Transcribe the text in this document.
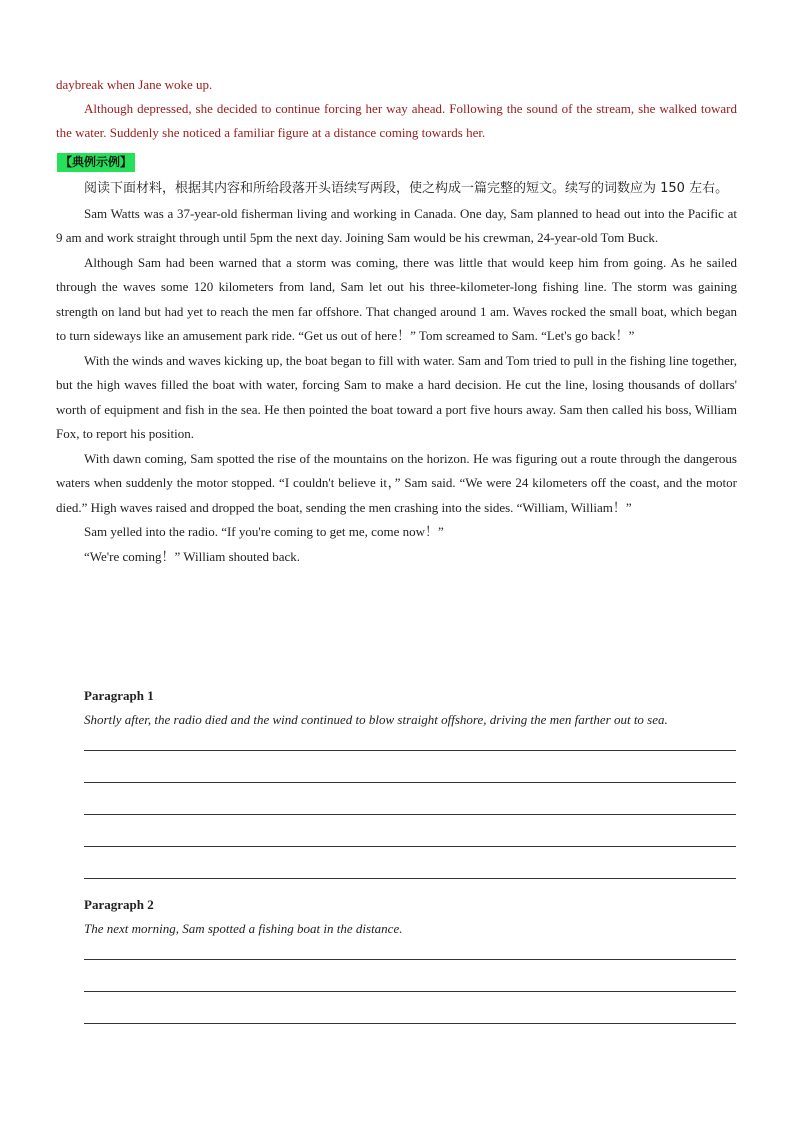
daybreak when Jane woke up.

Although depressed, she decided to continue forcing her way ahead. Following the sound of the stream, she walked toward the water. Suddenly she noticed a familiar figure at a distance coming towards her.

【典例示例】

阅读下面材料，根据其内容和所给段落开头语续写两段，使之构成一篇完整的短文。续写的词数应为 150 左右。

Sam Watts was a 37-year-old fisherman living and working in Canada. One day, Sam planned to head out into the Pacific at 9 am and work straight through until 5pm the next day. Joining Sam would be his crewman, 24-year-old Tom Buck.

Although Sam had been warned that a storm was coming, there was little that would keep him from going. As he sailed through the waves some 120 kilometers from land, Sam let out his three-kilometer-long fishing line. The storm was gaining strength on land but had yet to reach the men far offshore. That changed around 1 am. Waves rocked the small boat, which began to turn sideways like an amusement park ride. “Get us out of here！” Tom screamed to Sam. “Let's go back！”

With the winds and waves kicking up, the boat began to fill with water. Sam and Tom tried to pull in the fishing line together, but the high waves filled the boat with water, forcing Sam to make a hard decision. He cut the line, losing thousands of dollars' worth of equipment and fish in the sea. He then pointed the boat toward a port five hours away. Sam then called his boss, William Fox, to report his position.

With dawn coming, Sam spotted the rise of the mountains on the horizon. He was figuring out a route through the dangerous waters when suddenly the motor stopped. “I couldn't believe it，” Sam said. “We were 24 kilometers off the coast, and the motor died.” High waves raised and dropped the boat, sending the men crashing into the sides. “William, William！”

Sam yelled into the radio. “If you're coming to get me, come now！”

“We're coming！” William shouted back.

Paragraph 1
Shortly after, the radio died and the wind continued to blow straight offshore, driving the men farther out to sea.
Paragraph 2
The next morning, Sam spotted a fishing boat in the distance.
